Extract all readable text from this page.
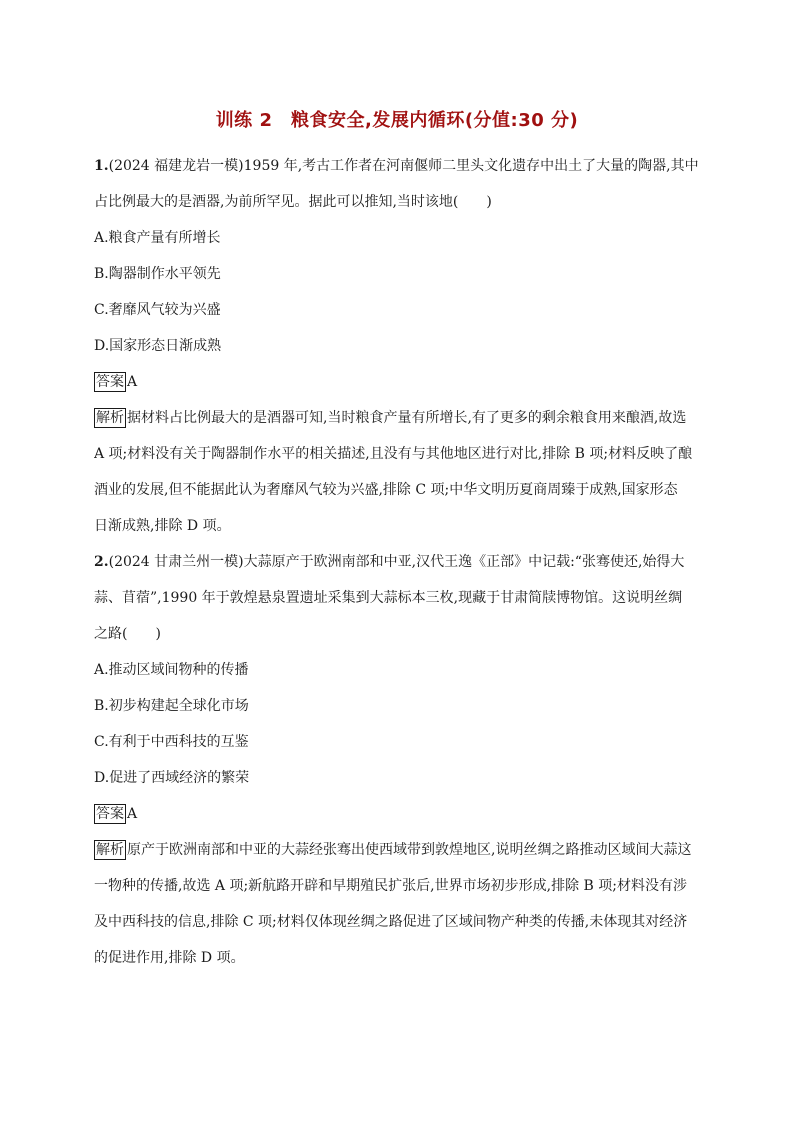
训练 2　粮食安全,发展内循环(分值:30 分)
1.(2024 福建龙岩一模)1959 年,考古工作者在河南偃师二里头文化遗存中出土了大量的陶器,其中
占比例最大的是酒器,为前所罕见。据此可以推知,当时该地(　　)
A.粮食产量有所增长
B.陶器制作水平领先
C.奢靡风气较为兴盛
D.国家形态日渐成熟
答案 A
解析 据材料占比例最大的是酒器可知,当时粮食产量有所增长,有了更多的剩余粮食用来酿酒,故选
A 项;材料没有关于陶器制作水平的相关描述,且没有与其他地区进行对比,排除 B 项;材料反映了酿
酒业的发展,但不能据此认为奢靡风气较为兴盛,排除 C 项;中华文明历夏商周臻于成熟,国家形态
日渐成熟,排除 D 项。
2.(2024 甘肃兰州一模)大蒜原产于欧洲南部和中亚,汉代王逸《正部》中记载:“张骞使还,始得大
蒜、苜蓿”,1990 年于敦煌悬泉置遗址采集到大蒜标本三枚,现藏于甘肃简牍博物馆。这说明丝绸
之路(　　)
A.推动区域间物种的传播
B.初步构建起全球化市场
C.有利于中西科技的互鉴
D.促进了西域经济的繁荣
答案 A
解析 原产于欧洲南部和中亚的大蒜经张骞出使西域带到敦煌地区,说明丝绸之路推动区域间大蒜这
一物种的传播,故选 A 项;新航路开辟和早期殖民扩张后,世界市场初步形成,排除 B 项;材料没有涉
及中西科技的信息,排除 C 项;材料仅体现丝绸之路促进了区域间物产种类的传播,未体现其对经济
的促进作用,排除 D 项。
